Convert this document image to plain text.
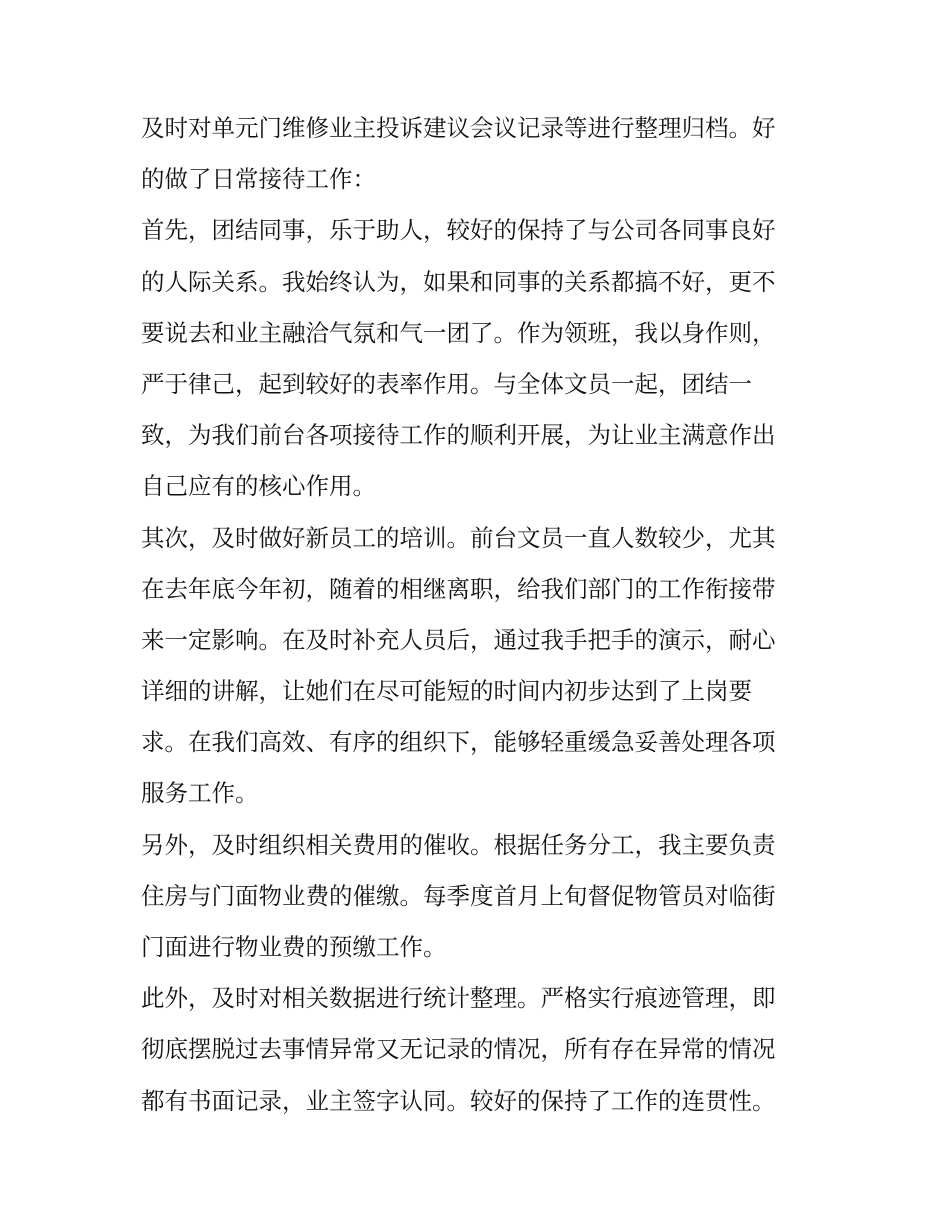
及时对单元门维修业主投诉建议会议记录等进行整理归档。好
的做了日常接待工作：
首先，团结同事，乐于助人，较好的保持了与公司各同事良好
的人际关系。我始终认为，如果和同事的关系都搞不好，更不
要说去和业主融洽气氛和气一团了。作为领班，我以身作则，
严于律己，起到较好的表率作用。与全体文员一起，团结一
致，为我们前台各项接待工作的顺利开展，为让业主满意作出
自己应有的核心作用。
其次，及时做好新员工的培训。前台文员一直人数较少，尤其
在去年底今年初，随着的相继离职，给我们部门的工作衔接带
来一定影响。在及时补充人员后，通过我手把手的演示，耐心
详细的讲解，让她们在尽可能短的时间内初步达到了上岗要
求。在我们高效、有序的组织下，能够轻重缓急妥善处理各项
服务工作。
另外，及时组织相关费用的催收。根据任务分工，我主要负责
住房与门面物业费的催缴。每季度首月上旬督促物管员对临街
门面进行物业费的预缴工作。
此外，及时对相关数据进行统计整理。严格实行痕迹管理，即
彻底摆脱过去事情异常又无记录的情况，所有存在异常的情况
都有书面记录，业主签字认同。较好的保持了工作的连贯性。
